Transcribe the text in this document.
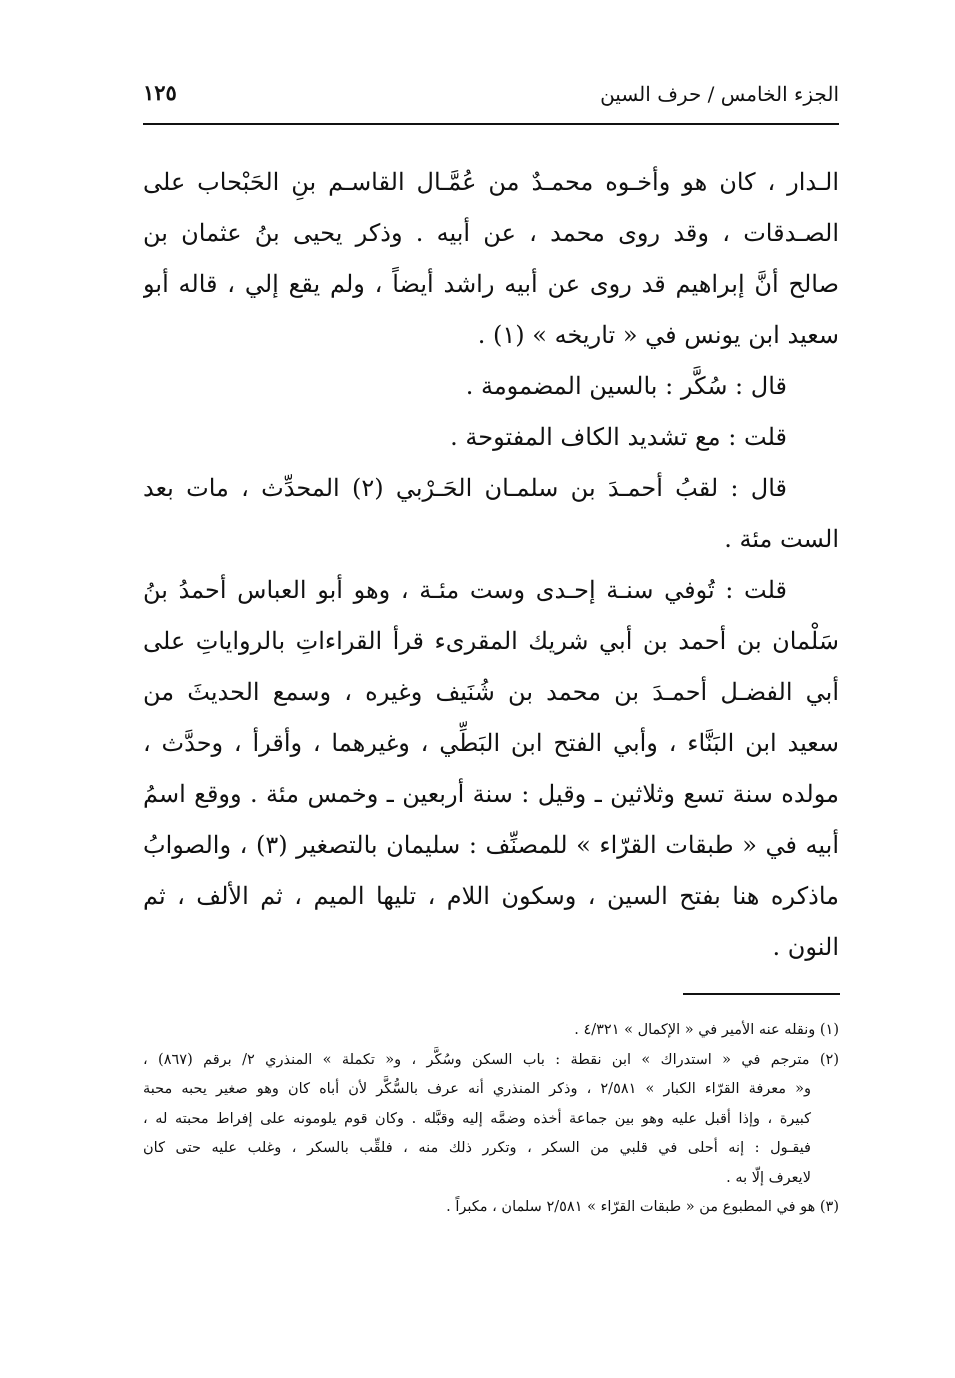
الجزء الخامس / حرف السين
١٢٥
الـدار ، كان هو وأخـوه محمـدٌ من عُمَّـال القاسـم بنِ الحَبْحاب على
الصـدقات ، وقد روى محمد ، عن أبيه . وذكر يحيى بنُ عثمان بن
صالح أنَّ إبراهيم قد روى عن أبيه راشد أيضاً ، ولم يقع إلي ، قاله أبو
سعيد ابن يونس في « تاريخه » (١) .
قال : سُكَّر : بالسين المضمومة .
قلت : مع تشديد الكاف المفتوحة .
قال : لقبُ أحمـدَ بن سلمـان الحَـرْبي (٢) المحدِّث ، مات بعد
الست مئة .
قلت : تُوفي سنـة إحـدى وست مئـة ، وهو أبو العباس أحمدُ بنُ
سَلْمان بن أحمد بن أبي شريك المقرىء قرأ القراءاتِ بالرواياتِ على
أبي الفضـل أحمـدَ بن محمد بن شُنَيف وغيره ، وسمع الحديثَ من
سعيد ابن البَنَّاء ، وأبي الفتح ابن البَطِّي ، وغيرهما ، وأقرأ ، وحدَّث ،
مولده سنة تسع وثلاثين ـ وقيل : سنة أربعين ـ وخمس مئة . ووقع اسمُ
أبيه في « طبقات القرّاء » للمصنِّف : سليمان بالتصغير (٣) ، والصوابُ
ماذكره هنا بفتح السين ، وسكون اللام ، تليها الميم ، ثم الألف ، ثم
النون .
(١) ونقله عنه الأمير في « الإكمال » ٤/٣٢١ .
(٢) مترجم في « استدراك » ابن نقطة : باب السكن وسُكَّر ، و« تكملة » المنذري ٢/ برقم (٨٦٧) ،
و« معرفة القرّاء الكبار » ٢/٥٨١ ، وذكر المنذري أنه عرف بالسُّكَّر لأن أباه كان وهو صغير يحبه محبة
كبيرة ، وإذا أقبل عليه وهو بين جماعة أخذه وضمَّه إليه وقبَّله . وكان قوم يلومونه على إفراط محبته له ،
فيقـول : إنه أحلى في قلبي من السكر ، وتكرر ذلك منه ، فلقِّب بالسكر ، وغلب عليه حتى كان
لايعرف إلّا به .
(٣) هو في المطبوع من « طبقات القرّاء » ٢/٥٨١ سلمان ، مكبراً .
